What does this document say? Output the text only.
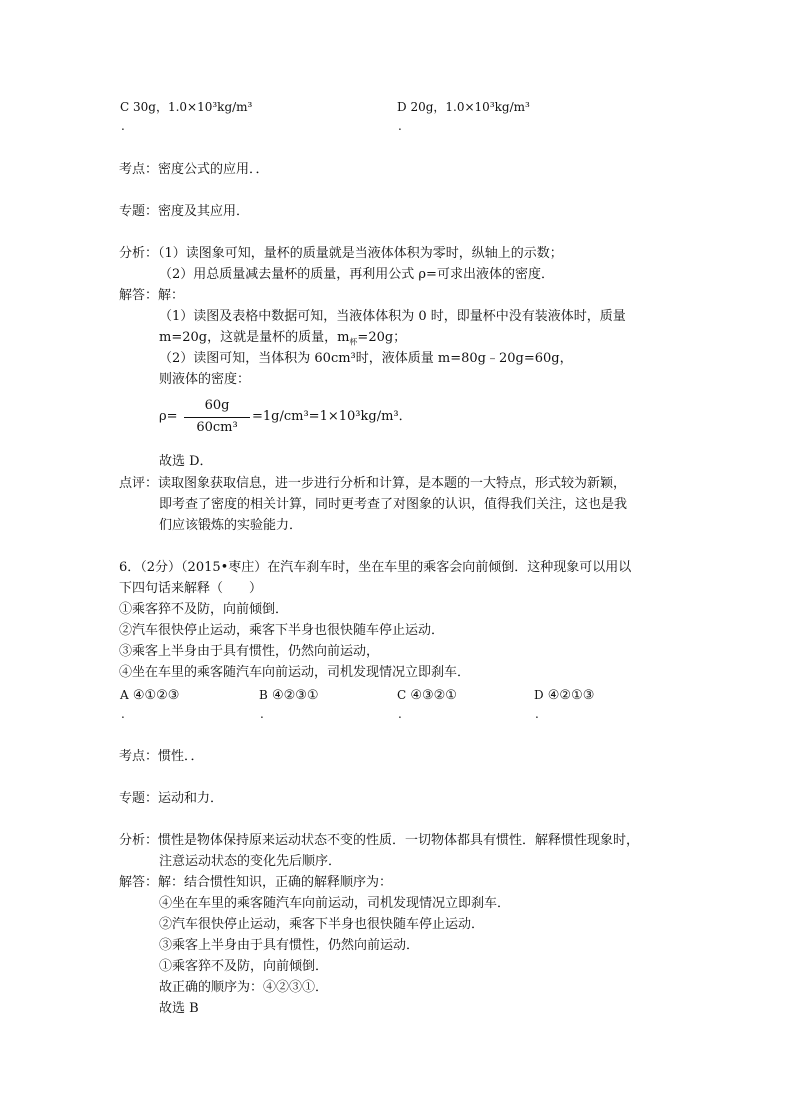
C 30g，1.0×10³kg/m³
.
D 20g，1.0×10³kg/m³
.
考点：密度公式的应用．．
专题：密度及其应用．
分析：（1）读图象可知，量杯的质量就是当液体体积为零时，纵轴上的示数；
（2）用总质量减去量杯的质量，再利用公式 ρ=可求出液体的密度．
解答：解：
（1）读图及表格中数据可知，当液体体积为 0 时，即量杯中没有装液体时，质量
m=20g，这就是量杯的质量，$m_杯=20g$；
（2）读图可知，当体积为 60cm³时，液体质量 m=80g﹣20g=60g，
则液体的密度：
ρ=
60g
60cm³
=1g/cm³=1×10³kg/m³．
故选 D．
点评：读取图象获取信息，进一步进行分析和计算，是本题的一大特点，形式较为新颖，
即考查了密度的相关计算，同时更考查了对图象的认识，值得我们关注，这也是我
们应该锻炼的实验能力．
6．（2分）（2015•枣庄）在汽车刹车时，坐在车里的乘客会向前倾倒．这种现象可以用以
下四句话来解释（　　）
①乘客猝不及防，向前倾倒．
②汽车很快停止运动，乘客下半身也很快随车停止运动．
③乘客上半身由于具有惯性，仍然向前运动，
④坐在车里的乘客随汽车向前运动，司机发现情况立即刹车．
A ④①②③
.
B ④②③①
.
C ④③②①
.
D ④②①③
.
考点：惯性．．
专题：运动和力．
分析：惯性是物体保持原来运动状态不变的性质．一切物体都具有惯性．解释惯性现象时，
注意运动状态的变化先后顺序．
解答：解：结合惯性知识，正确的解释顺序为：
④坐在车里的乘客随汽车向前运动，司机发现情况立即刹车．
②汽车很快停止运动，乘客下半身也很快随车停止运动．
③乘客上半身由于具有惯性，仍然向前运动．
①乘客猝不及防，向前倾倒．
故正确的顺序为：④②③①．
故选 B
